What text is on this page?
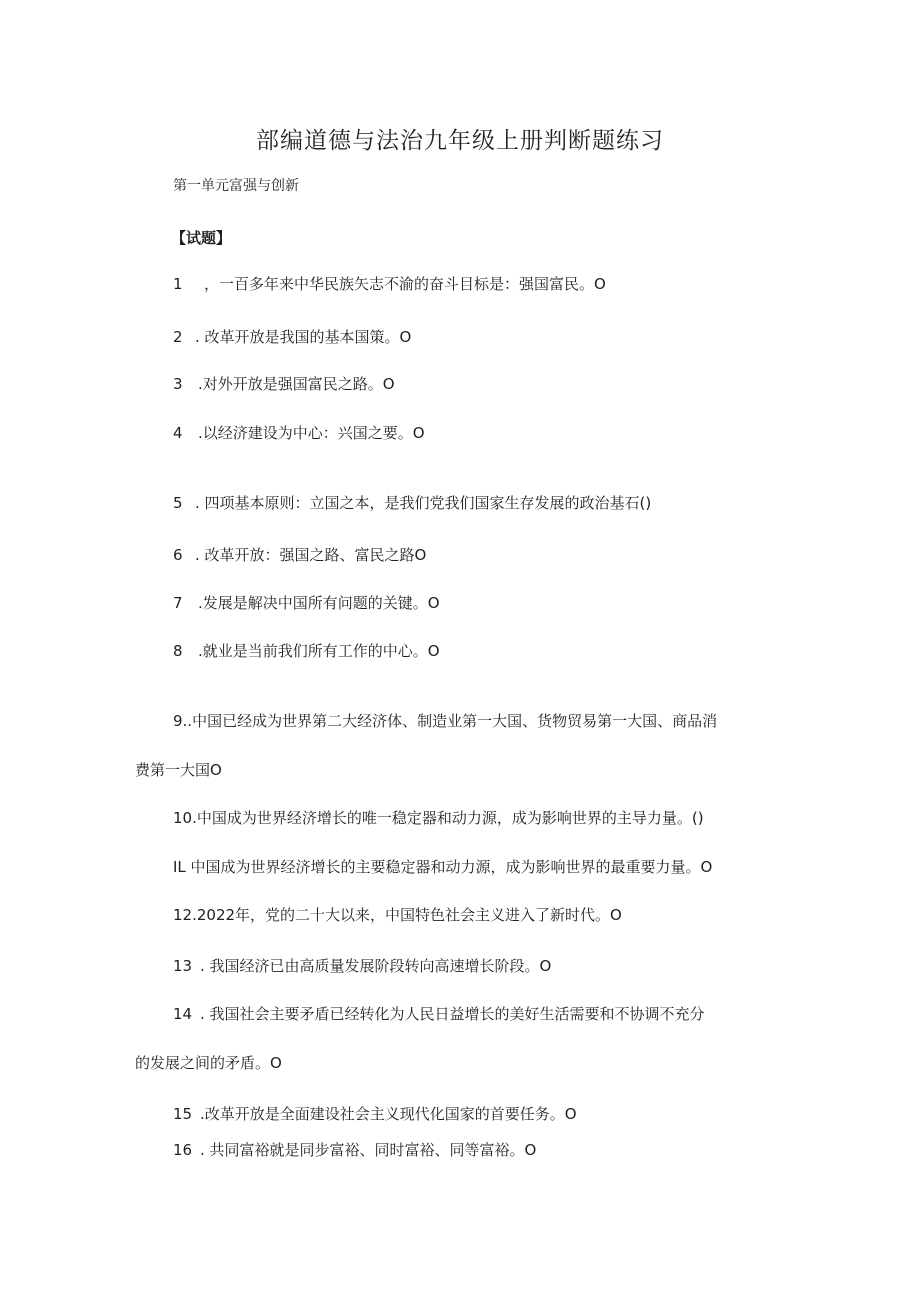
部编道德与法治九年级上册判断题练习
第一单元富强与创新
【试题】
1 ，一百多年来中华民族矢志不渝的奋斗目标是：强国富民。O
2 . 改革开放是我国的基本国策。O
3 .对外开放是强国富民之路。O
4 .以经济建设为中心：兴国之要。O
5 . 四项基本原则：立国之本，是我们党我们国家生存发展的政治基石()
6 . 改革开放：强国之路、富民之路O
7 .发展是解决中国所有问题的关键。O
8 .就业是当前我们所有工作的中心。O
9..中国已经成为世界第二大经济体、制造业第一大国、货物贸易第一大国、商品消
费第一大国O
10.中国成为世界经济增长的唯一稳定器和动力源，成为影响世界的主导力量。()
IL 中国成为世界经济增长的主要稳定器和动力源，成为影响世界的最重要力量。O
12.2022年，党的二十大以来，中国特色社会主义进入了新时代。O
13 . 我国经济已由高质量发展阶段转向高速增长阶段。O
14 . 我国社会主要矛盾已经转化为人民日益增长的美好生活需要和不协调不充分
的发展之间的矛盾。O
15 .改革开放是全面建设社会主义现代化国家的首要任务。O
16 . 共同富裕就是同步富裕、同时富裕、同等富裕。O
